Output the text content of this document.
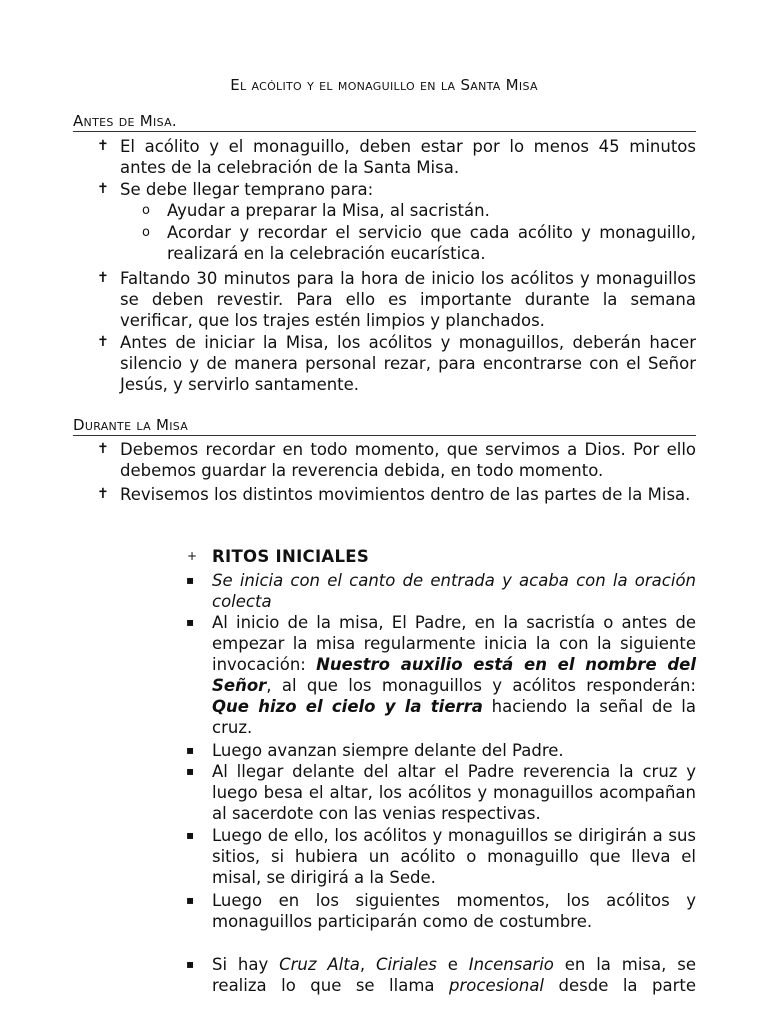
El acólito y el monaguillo en la Santa Misa
Antes de Misa.
✝ El acólito y el monaguillo, deben estar por lo menos 45 minutos antes de la celebración de la Santa Misa.
✝ Se debe llegar temprano para:
o Ayudar a preparar la Misa, al sacristán.
o Acordar y recordar el servicio que cada acólito y monaguillo, realizará en la celebración eucarística.
✝ Faltando 30 minutos para la hora de inicio los acólitos y monaguillos se deben revestir. Para ello es importante durante la semana verificar, que los trajes estén limpios y planchados.
✝ Antes de iniciar la Misa, los acólitos y monaguillos, deberán hacer silencio y de manera personal rezar, para encontrarse con el Señor Jesús, y servirlo santamente.
Durante la Misa
✝ Debemos recordar en todo momento, que servimos a Dios. Por ello debemos guardar la reverencia debida, en todo momento.
✝ Revisemos los distintos movimientos dentro de las partes de la Misa.
+ RITOS INICIALES
▪ Se inicia con el canto de entrada y acaba con la oración colecta
▪ Al inicio de la misa, El Padre, en la sacristía o antes de empezar la misa regularmente inicia la con la siguiente invocación: Nuestro auxilio está en el nombre del Señor, al que los monaguillos y acólitos responderán: Que hizo el cielo y la tierra haciendo la señal de la cruz.
▪ Luego avanzan siempre delante del Padre.
▪ Al llegar delante del altar el Padre reverencia la cruz y luego besa el altar, los acólitos y monaguillos acompañan al sacerdote con las venias respectivas.
▪ Luego de ello, los acólitos y monaguillos se dirigirán a sus sitios, si hubiera un acólito o monaguillo que lleva el misal, se dirigirá a la Sede.
▪ Luego en los siguientes momentos, los acólitos y monaguillos participarán como de costumbre.
▪ Si hay Cruz Alta, Ciriales e Incensario en la misa, se realiza lo que se llama procesional desde la parte
